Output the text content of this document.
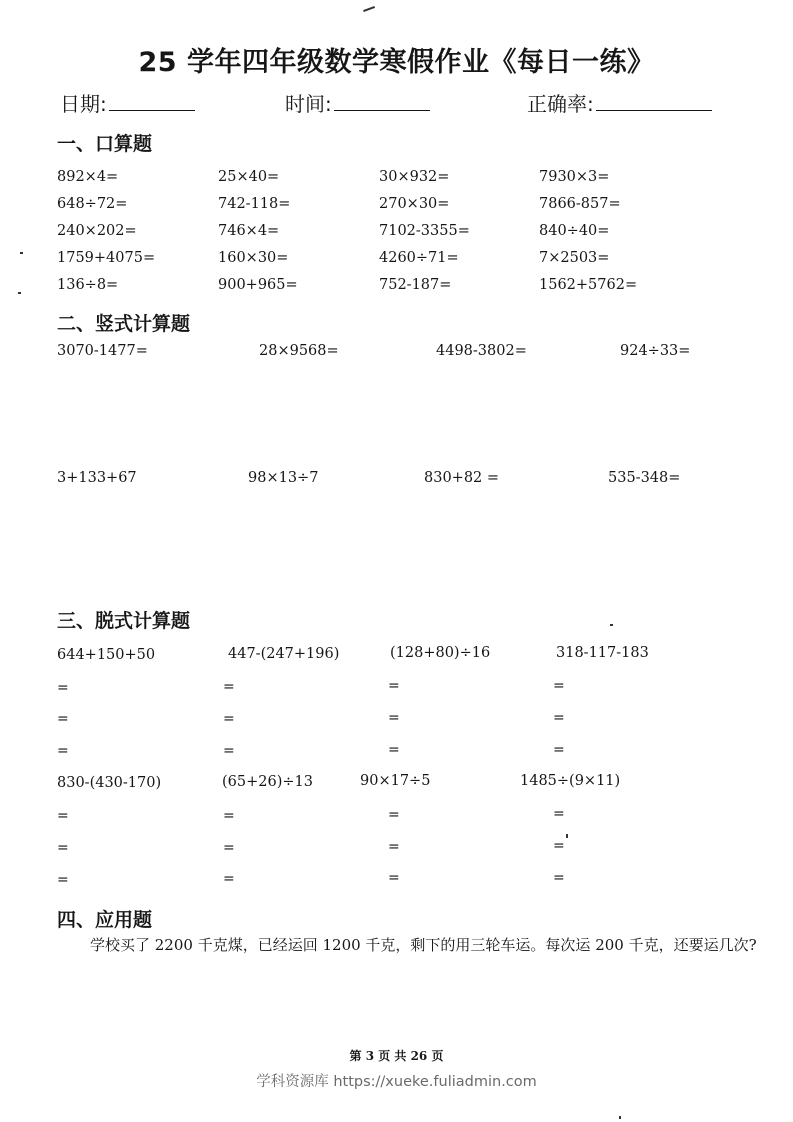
25 学年四年级数学寒假作业《每日一练》
日期:	时间:	正确率:
一、口算题
二、竖式计算题
三、脱式计算题
四、应用题
892×4=	25×40=	30×932=	7930×3=
648÷72=	742-118=	270×30=	7866-857=
240×202=	746×4=	7102-3355=	840÷40=
1759+4075=	160×30=	4260÷71=	7×2503=
136÷8=	900+965=	752-187=	1562+5762=
3070-1477=	28×9568=	4498-3802=	924÷33=
3+133+67	98×13÷7	830+82 =	535-348=
644+150+50	447-(247+196)	(128+80)÷16	318-117-183
=	=	=	=
=	=	=	=
=	=	=	=
830-(430-170)	(65+26)÷13	90×17÷5	1485÷(9×11)
=	=	=	=
=	=	=	=
=	=	=	=
学校买了 2200 千克煤，已经运回 1200 千克，剩下的用三轮车运。每次运 200 千克，还要运几次?
第 3 页 共 26 页
学科资源库 https://xueke.fuliadmin.com
